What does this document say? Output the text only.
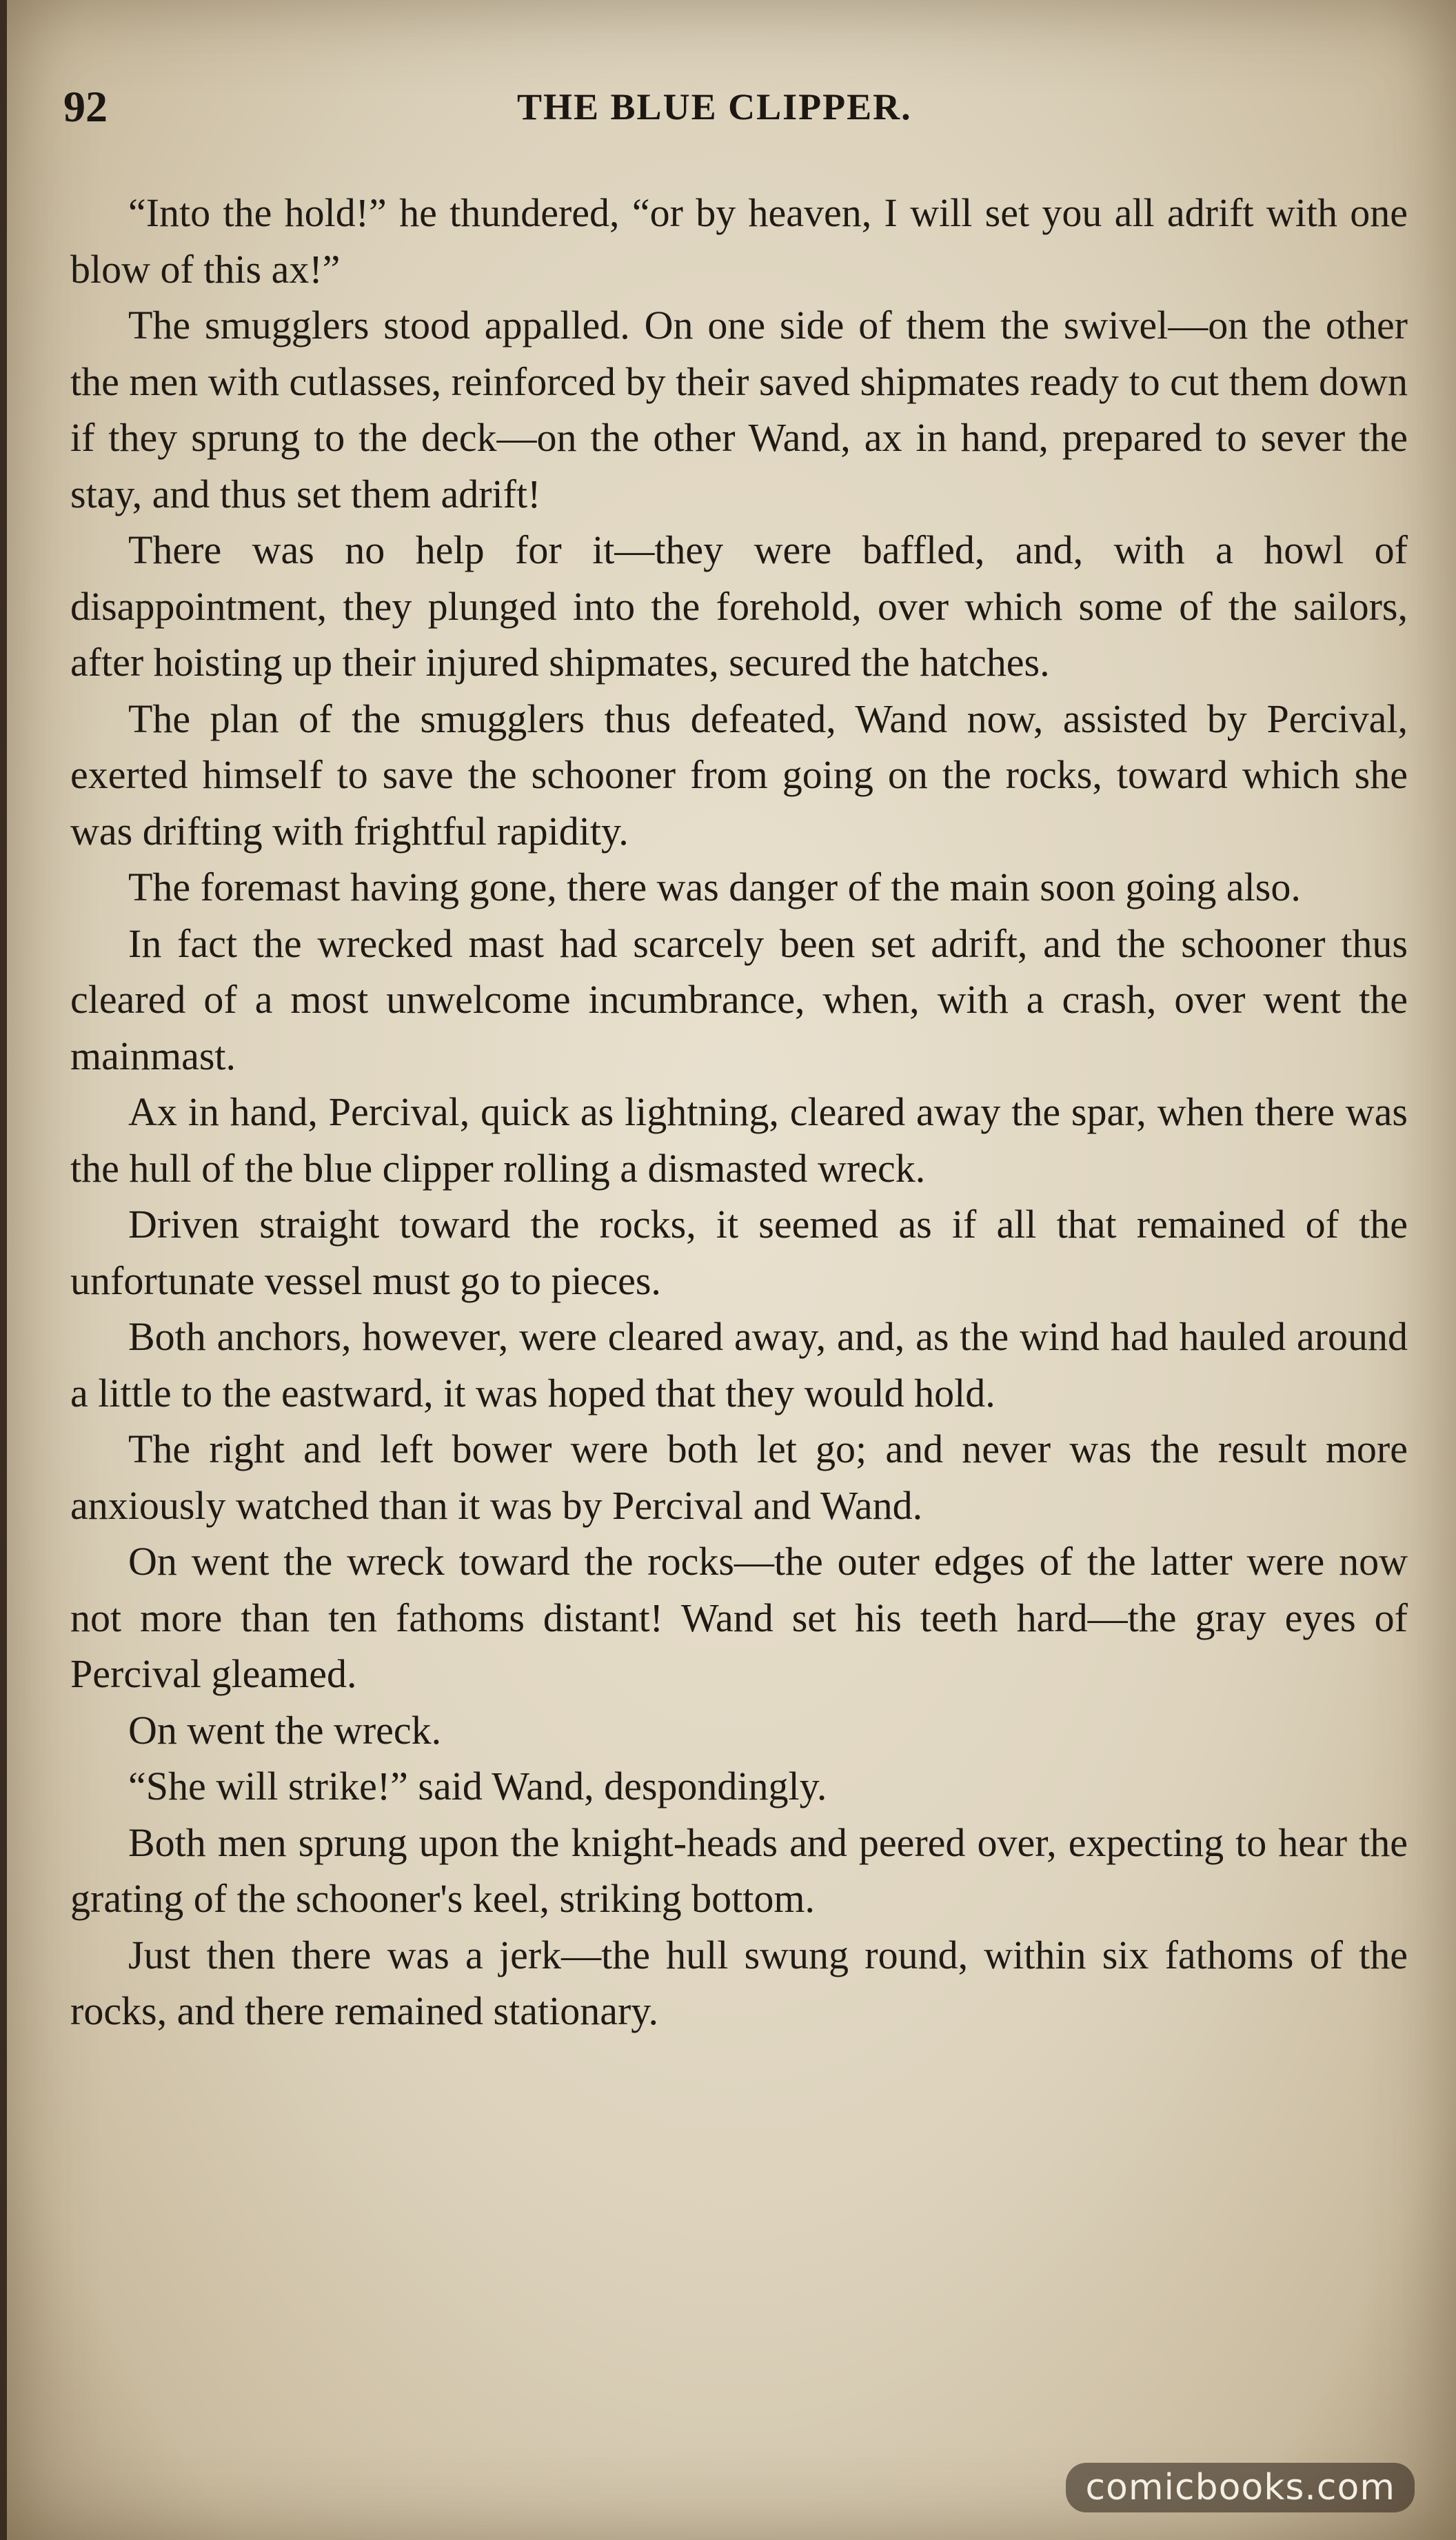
92	THE BLUE CLIPPER.

“Into the hold!” he thundered, “or by heaven, I will set you all adrift with one blow of this ax!”

The smugglers stood appalled. On one side of them the swivel—on the other the men with cutlasses, reinforced by their saved shipmates ready to cut them down if they sprung to the deck—on the other Wand, ax in hand, prepared to sever the stay, and thus set them adrift!

There was no help for it—they were baffled, and, with a howl of disappointment, they plunged into the forehold, over which some of the sailors, after hoisting up their injured shipmates, secured the hatches.

The plan of the smugglers thus defeated, Wand now, assisted by Percival, exerted himself to save the schooner from going on the rocks, toward which she was drifting with frightful rapidity.

The foremast having gone, there was danger of the main soon going also.

In fact the wrecked mast had scarcely been set adrift, and the schooner thus cleared of a most unwelcome incumbrance, when, with a crash, over went the mainmast.

Ax in hand, Percival, quick as lightning, cleared away the spar, when there was the hull of the blue clipper rolling a dismasted wreck.

Driven straight toward the rocks, it seemed as if all that remained of the unfortunate vessel must go to pieces.

Both anchors, however, were cleared away, and, as the wind had hauled around a little to the eastward, it was hoped that they would hold.

The right and left bower were both let go; and never was the result more anxiously watched than it was by Percival and Wand.

On went the wreck toward the rocks—the outer edges of the latter were now not more than ten fathoms distant! Wand set his teeth hard—the gray eyes of Percival gleamed.

On went the wreck.

“She will strike!” said Wand, despondingly.

Both men sprung upon the knight-heads and peered over, expecting to hear the grating of the schooner's keel, striking bottom.

Just then there was a jerk—the hull swung round, within six fathoms of the rocks, and there remained stationary.

comicbooks.com
